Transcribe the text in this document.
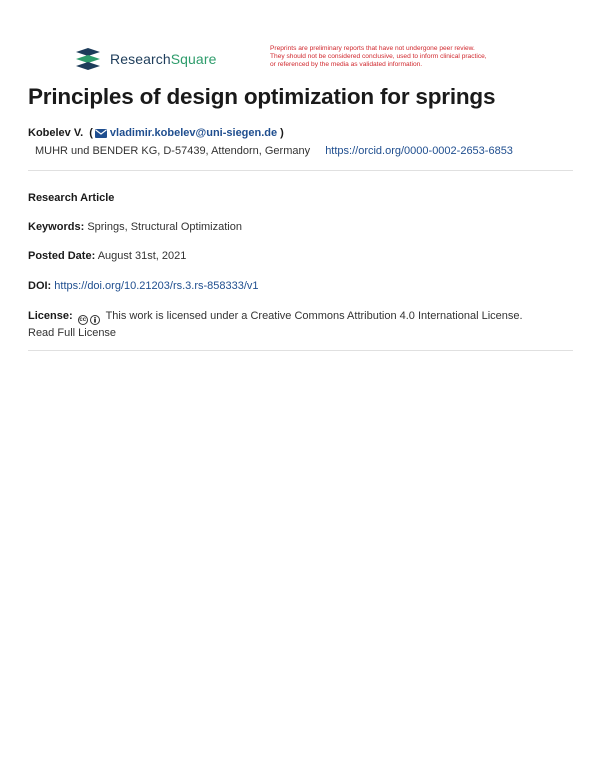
ResearchSquare
Preprints are preliminary reports that have not undergone peer review.
They should not be considered conclusive, used to inform clinical practice,
or referenced by the media as validated information.
Principles of design optimization for springs
Kobelev V. ( vladimir.kobelev@uni-siegen.de )
MUHR und BENDER KG, D-57439, Attendorn, Germany https://orcid.org/0000-0002-2653-6853
Research Article
Keywords: Springs, Structural Optimization
Posted Date: August 31st, 2021
DOI: https://doi.org/10.21203/rs.3.rs-858333/v1
License: cc This work is licensed under a Creative Commons Attribution 4.0 International License.
Read Full License
